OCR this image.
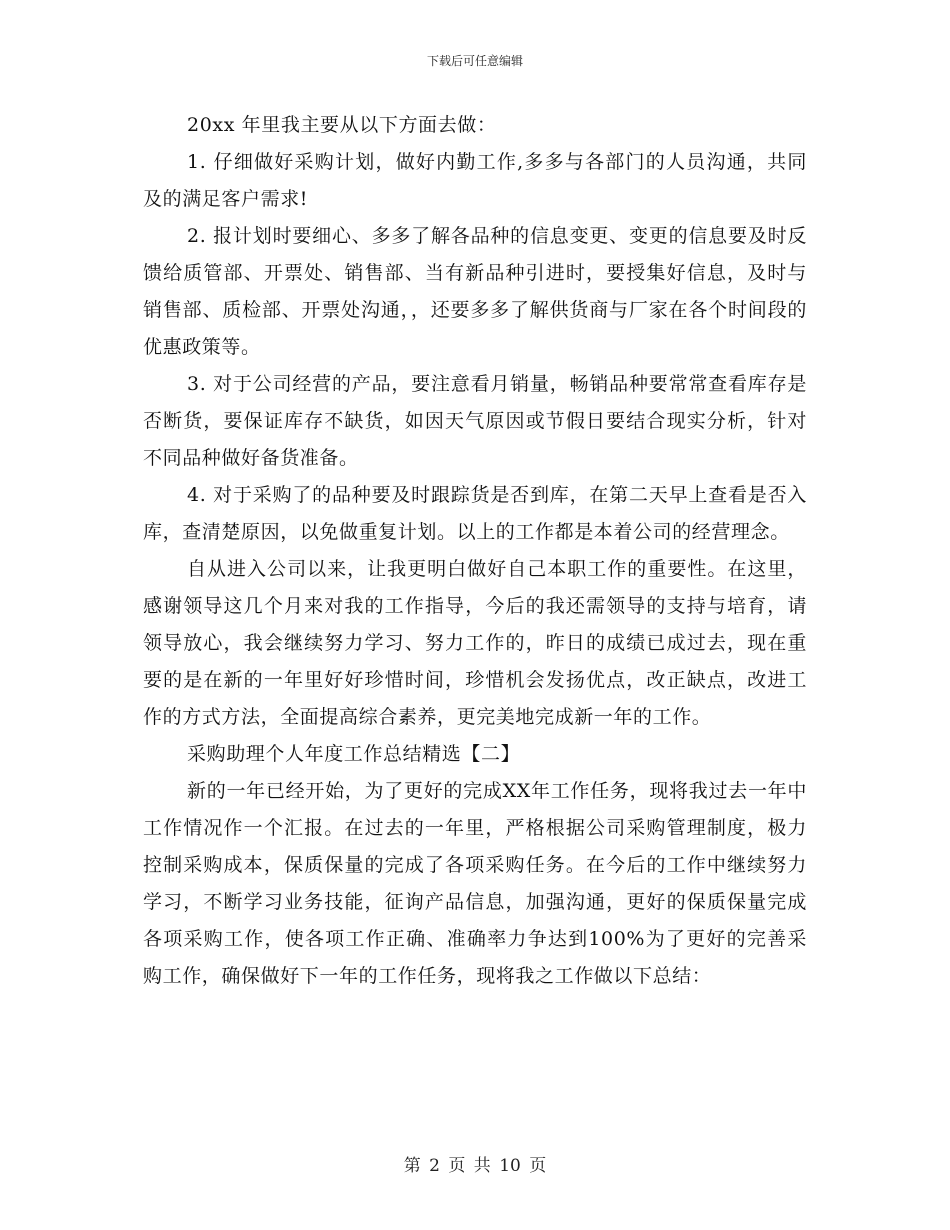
下载后可任意编辑

20xx 年里我主要从以下方面去做：

1. 仔细做好采购计划，做好内勤工作,多多与各部门的人员沟通，共同及的满足客户需求!

2. 报计划时要细心、多多了解各品种的信息变更、变更的信息要及时反馈给质管部、开票处、销售部、当有新品种引进时，要授集好信息，及时与销售部、质检部、开票处沟通，，还要多多了解供货商与厂家在各个时间段的优惠政策等。

3. 对于公司经营的产品，要注意看月销量，畅销品种要常常查看库存是否断货，要保证库存不缺货，如因天气原因或节假日要结合现实分析，针对不同品种做好备货准备。

4. 对于采购了的品种要及时跟踪货是否到库，在第二天早上查看是否入库，查清楚原因，以免做重复计划。以上的工作都是本着公司的经营理念。

自从进入公司以来，让我更明白做好自己本职工作的重要性。在这里，感谢领导这几个月来对我的工作指导，今后的我还需领导的支持与培育，请领导放心，我会继续努力学习、努力工作的，昨日的成绩已成过去，现在重要的是在新的一年里好好珍惜时间，珍惜机会发扬优点，改正缺点，改进工作的方式方法，全面提高综合素养，更完美地完成新一年的工作。

采购助理个人年度工作总结精选【二】

新的一年已经开始，为了更好的完成XX年工作任务，现将我过去一年中工作情况作一个汇报。在过去的一年里，严格根据公司采购管理制度，极力控制采购成本，保质保量的完成了各项采购任务。在今后的工作中继续努力学习，不断学习业务技能，征询产品信息，加强沟通，更好的保质保量完成各项采购工作，使各项工作正确、准确率力争达到100%为了更好的完善采购工作，确保做好下一年的工作任务，现将我之工作做以下总结：

第 2 页 共 10 页
